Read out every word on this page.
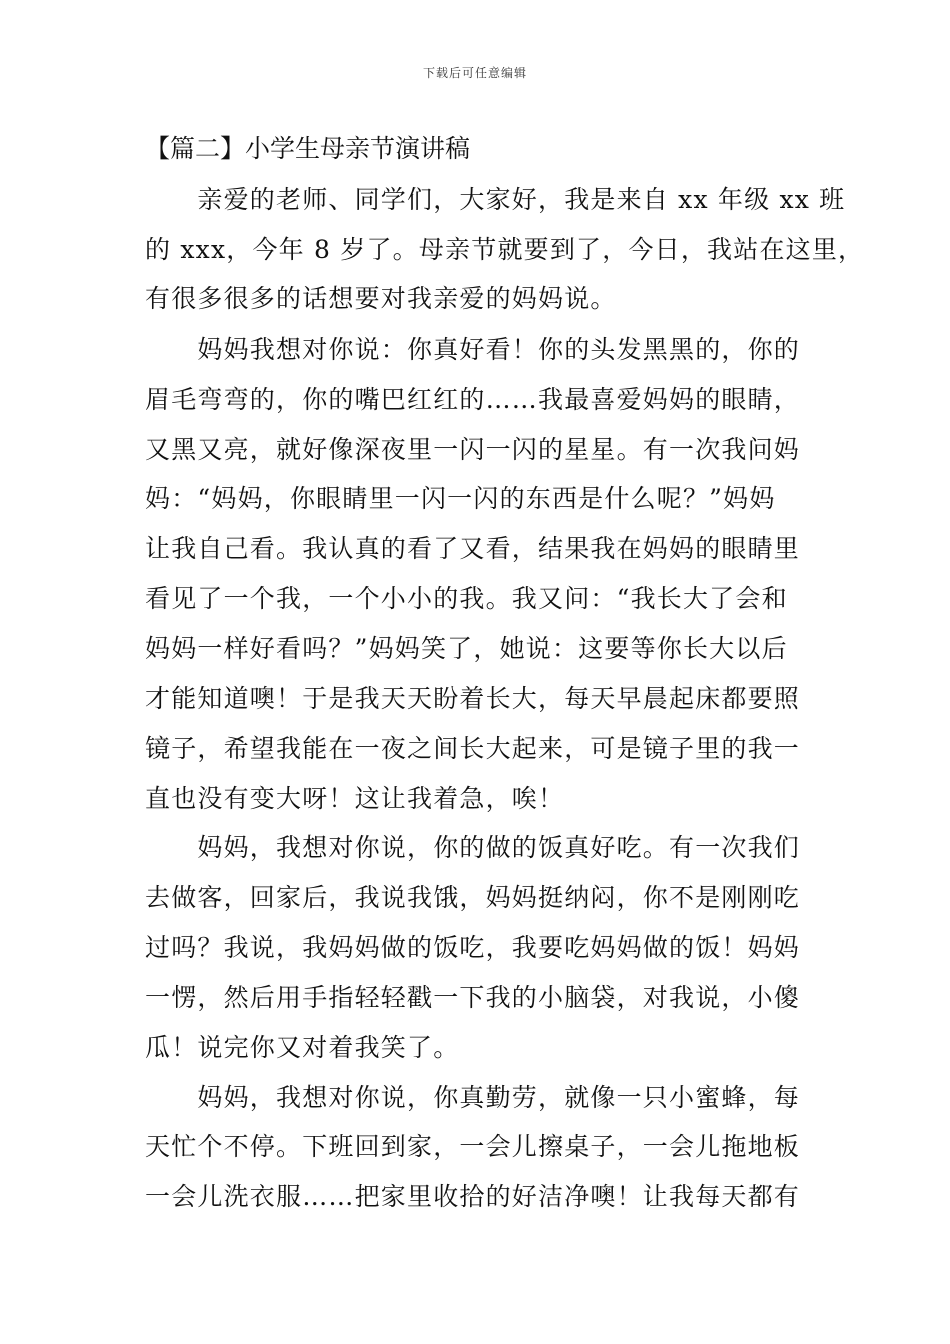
下载后可任意编辑
【篇二】小学生母亲节演讲稿
　　亲爱的老师、同学们，大家好，我是来自 xx 年级 xx 班
的 xxx，今年 8 岁了。母亲节就要到了，今日，我站在这里，
有很多很多的话想要对我亲爱的妈妈说。
　　妈妈我想对你说：你真好看！你的头发黑黑的，你的
眉毛弯弯的，你的嘴巴红红的……我最喜爱妈妈的眼睛，
又黑又亮，就好像深夜里一闪一闪的星星。有一次我问妈
妈：“妈妈，你眼睛里一闪一闪的东西是什么呢？”妈妈
让我自己看。我认真的看了又看，结果我在妈妈的眼睛里
看见了一个我，一个小小的我。我又问：“我长大了会和
妈妈一样好看吗？”妈妈笑了，她说：这要等你长大以后
才能知道噢！于是我天天盼着长大，每天早晨起床都要照
镜子，希望我能在一夜之间长大起来，可是镜子里的我一
直也没有变大呀！这让我着急，唉！
　　妈妈，我想对你说，你的做的饭真好吃。有一次我们
去做客，回家后，我说我饿，妈妈挺纳闷，你不是刚刚吃
过吗？我说，我妈妈做的饭吃，我要吃妈妈做的饭！妈妈
一愣，然后用手指轻轻戳一下我的小脑袋，对我说，小傻
瓜！说完你又对着我笑了。
　　妈妈，我想对你说，你真勤劳，就像一只小蜜蜂，每
天忙个不停。下班回到家，一会儿擦桌子，一会儿拖地板
一会儿洗衣服……把家里收拾的好洁净噢！让我每天都有
